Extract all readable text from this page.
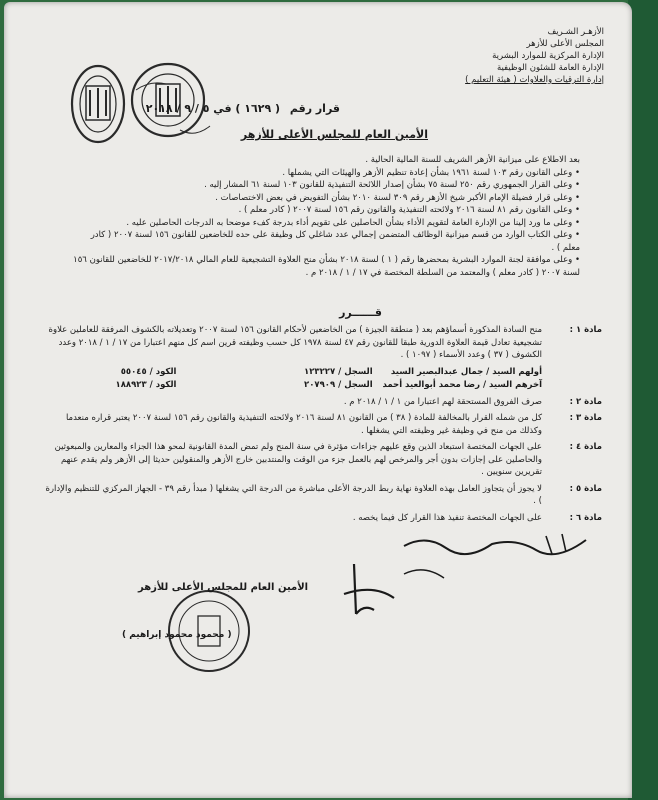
الأزهـر الشـريف
المجلس الأعلى للأزهر
الإدارة المركزية للموارد البشرية
الإدارة العامة للشئون الوظيفية
إدارة الترقيات والعلاوات ( هيئة التعليم )
قرار رقم ( ١٦٢٩ ) في ٥ / ٩ / ٢٠١٨
الأمين العام للمجلس الأعلى للأزهر
بعد الاطلاع على ميزانية الأزهر الشريف للسنة المالية الحالية .
• وعلى القانون رقم ١٠٣ لسنة ١٩٦١ بشأن إعادة تنظيم الأزهر والهيئات التي يشملها .
• وعلى القرار الجمهوري رقم ٢٥٠ لسنة ٧٥ بشأن إصدار اللائحة التنفيذية للقانون ١٠٣ لسنة ٦١ المشار إليه .
• وعلى قرار فضيلة الإمام الأكبر شيخ الأزهر رقم ٣٠٩ لسنة ٢٠١٠ بشأن التفويض في بعض الاختصاصات .
• وعلى القانون رقم ٨١ لسنة ٢٠١٦ ولائحته التنفيذية والقانون رقم ١٥٦ لسنة ٢٠٠٧ ( كادر معلم ) .
• وعلى ما ورد إلينا من الإدارة العامة لتقويم الأداء بشأن الحاصلين على تقويم أداء بدرجة كفء موضحا به الدرجات الحاصلين عليه .
• وعلى الكتاب الوارد من قسم ميزانية الوظائف المتضمن إجمالي عدد شاغلي كل وظيفة على حده للخاضعين للقانون ١٥٦ لسنة ٢٠٠٧ ( كادر معلم ) .
• وعلى موافقة لجنة الموارد البشرية بمحضرها رقم ( ١ ) لسنة ٢٠١٨ بشأن منح العلاوة التشجيعية للعام المالي ٢٠١٧/٢٠١٨ للخاضعين للقانون ١٥٦ لسنة ٢٠٠٧ ( كادر معلم ) والمعتمد من السلطة المختصة في ١٧ / ١ / ٢٠١٨ م .
قــــــرر
مادة ١ :
منح السادة المذكورة أسماؤهم بعد ( منطقة الجيزة ) من الخاضعين لأحكام القانون ١٥٦ لسنة ٢٠٠٧ وتعديلاته بالكشوف المرفقة للعاملين علاوة تشجيعية تعادل قيمة العلاوة الدورية طبقا للقانون رقم ٤٧ لسنة ١٩٧٨ كل حسب وظيفته قرين اسم كل منهم اعتبارا من ١٧ / ١ / ٢٠١٨ وعدد الكشوف ( ٣٧ ) وعدد الأسماء ( ١٠٩٧ ) .
أولهم السيد / جمال عبدالبصير السيد
السجل / ١٢٣٢٢٧
الكود / ٥٥٠٤٥
آخرهم السيد / رضا محمد أبوالعيد أحمد
السجل / ٢٠٧٩٠٩
الكود / ١٨٨٩٢٣
مادة ٢ :
صرف الفروق المستحقة لهم اعتبارا من ١ / ١ / ٢٠١٨ م .
مادة ٣ :
كل من شمله القرار بالمخالفة للمادة ( ٣٨ ) من القانون ٨١ لسنة ٢٠١٦ ولائحته التنفيذية والقانون رقم ١٥٦ لسنة ٢٠٠٧ يعتبر قراره منعدما وكذلك من منح في وظيفة غير وظيفته التي يشغلها .
مادة ٤ :
على الجهات المختصة استبعاد الذين وقع عليهم جزاءات مؤثرة في سنة المنح ولم تمض المدة القانونية لمحو هذا الجزاء والمعارين والمبعوثين والحاصلين على إجازات بدون أجر والمرخص لهم بالعمل جزء من الوقت والمنتدبين خارج الأزهر والمنقولين حديثا إلى الأزهر ولم يقدم عنهم تقريرين سنويين .
مادة ٥ :
لا يجوز أن يتجاوز العامل بهذه العلاوة نهاية ربط الدرجة الأعلى مباشرة من الدرجة التي يشغلها ( مبدأ رقم ٣٩ - الجهاز المركزي للتنظيم والإدارة ) .
مادة ٦ :
على الجهات المختصة تنفيذ هذا القرار كل فيما يخصه .
الأمين العام للمجلس الأعلى للأزهر
( محمود محمود إبراهيم )
